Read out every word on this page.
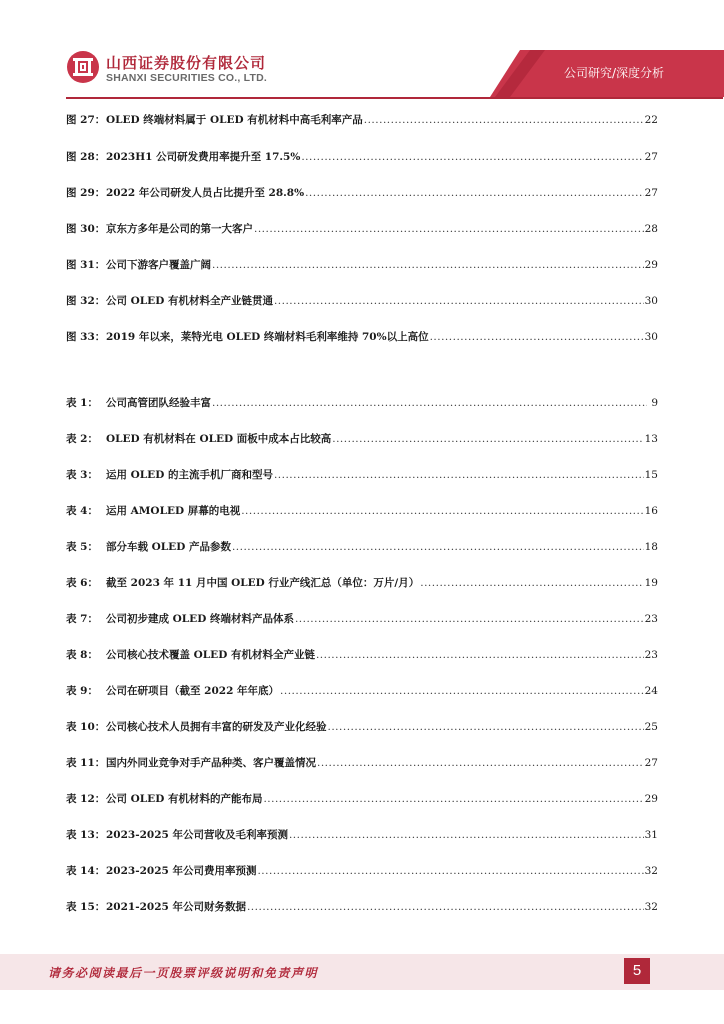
山西证券股份有限公司
SHANXI SECURITIES CO., LTD.	公司研究/深度分析
图 27： OLED 终端材料属于 OLED 有机材料中高毛利率产品 .....	22
图 28： 2023H1 公司研发费用率提升至 17.5% .....	27
图 29： 2022 年公司研发人员占比提升至 28.8% .....	27
图 30： 京东方多年是公司的第一大客户 .....	28
图 31： 公司下游客户覆盖广阔 .....	29
图 32： 公司 OLED 有机材料全产业链贯通 .....	30
图 33： 2019 年以来，莱特光电 OLED 终端材料毛利率维持 70%以上高位 .....	30
表 1： 公司高管团队经验丰富 .....	9
表 2： OLED 有机材料在 OLED 面板中成本占比较高 .....	13
表 3： 运用 OLED 的主流手机厂商和型号 .....	15
表 4： 运用 AMOLED 屏幕的电视 .....	16
表 5： 部分车载 OLED 产品参数 .....	18
表 6： 截至 2023 年 11 月中国 OLED 行业产线汇总（单位：万片/月） .....	19
表 7： 公司初步建成 OLED 终端材料产品体系 .....	23
表 8： 公司核心技术覆盖 OLED 有机材料全产业链 .....	23
表 9： 公司在研项目（截至 2022 年年底） .....	24
表 10： 公司核心技术人员拥有丰富的研发及产业化经验 .....	25
表 11： 国内外同业竞争对手产品种类、客户覆盖情况 .....	27
表 12： 公司 OLED 有机材料的产能布局 .....	29
表 13： 2023-2025 年公司营收及毛利率预测 .....	31
表 14： 2023-2025 年公司费用率预测 .....	32
表 15： 2021-2025 年公司财务数据 .....	32
请务必阅读最后一页股票评级说明和免责声明	5
